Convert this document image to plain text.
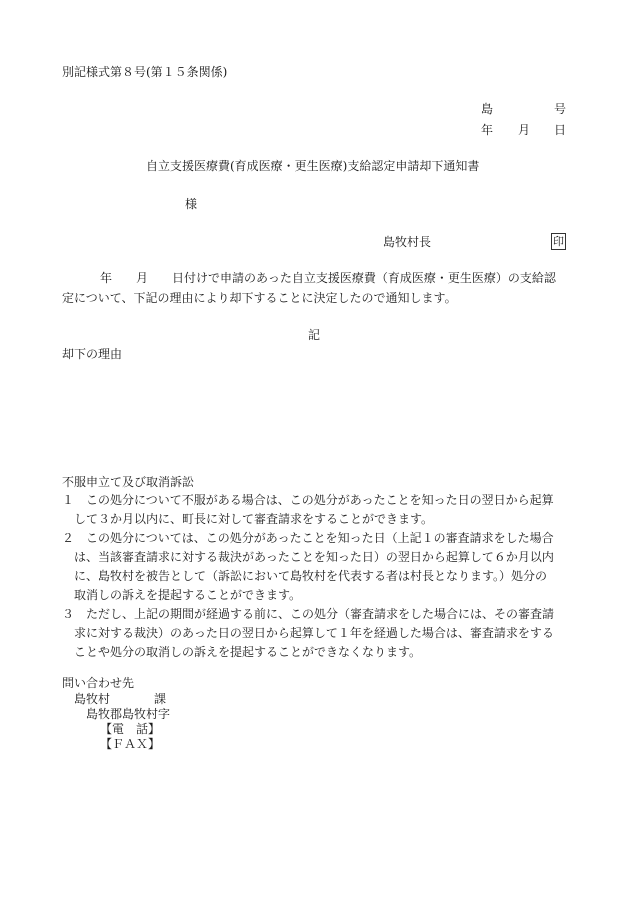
別記様式第８号(第１５条関係)
島	号
年 月 日
自立支援医療費(育成医療・更生医療)支給認定申請却下通知書
様
島牧村長	印
年 月 日付けで申請のあった自立支援医療費（育成医療・更生医療）の支給認
定について、下記の理由により却下することに決定したので通知します。
記
却下の理由
不服申立て及び取消訴訟
１　この処分について不服がある場合は、この処分があったことを知った日の翌日から起算
　して３か月以内に、町長に対して審査請求をすることができます。
２　この処分については、この処分があったことを知った日（上記１の審査請求をした場合
　は、当該審査請求に対する裁決があったことを知った日）の翌日から起算して６か月以内
　に、島牧村を被告として（訴訟において島牧村を代表する者は村長となります。）処分の
　取消しの訴えを提起することができます。
３　ただし、上記の期間が経過する前に、この処分（審査請求をした場合には、その審査請
　求に対する裁決）のあった日の翌日から起算して１年を経過した場合は、審査請求をする
　ことや処分の取消しの訴えを提起することができなくなります。
問い合わせ先
島牧村	課
島牧郡島牧村字
【電　話】
【ＦＡＸ】
